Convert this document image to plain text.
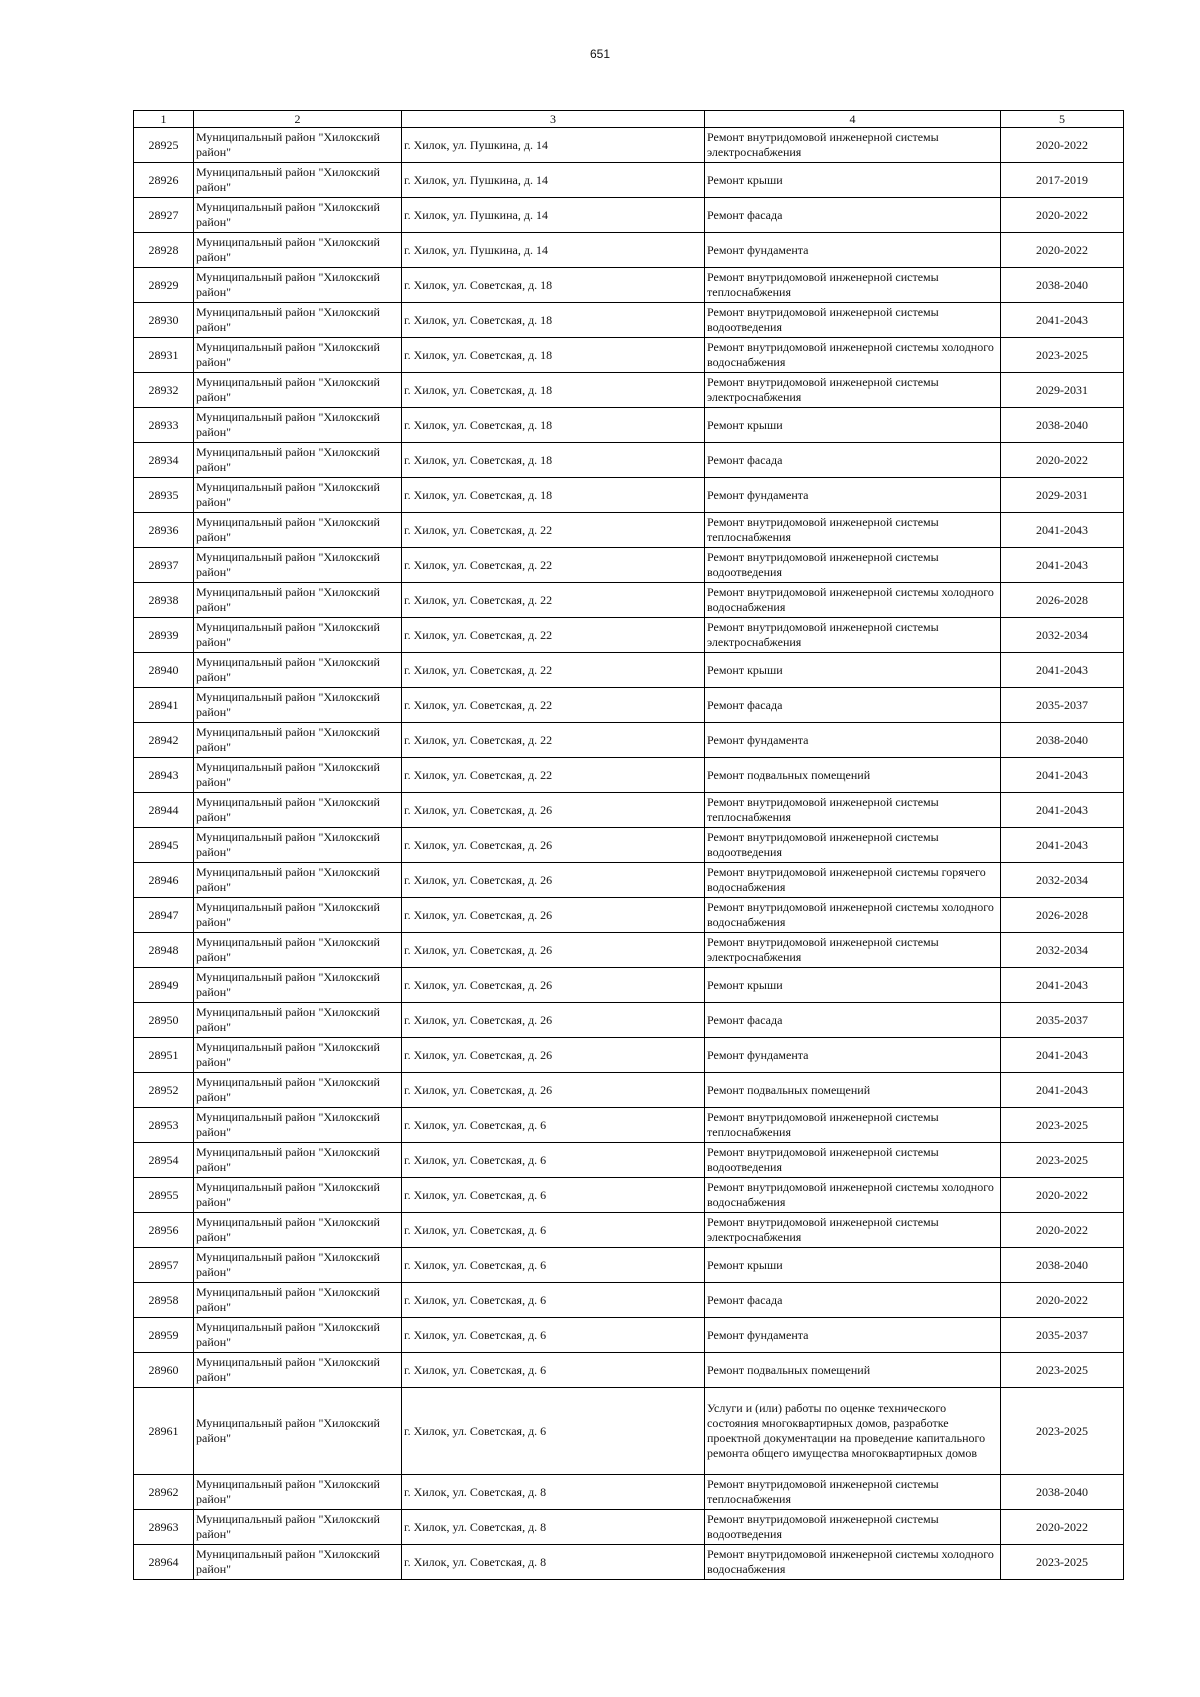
651
1	2	3	4	5
28925	Муниципальный район "Хилокский район"	г. Хилок, ул. Пушкина, д. 14	Ремонт внутридомовой инженерной системы электроснабжения	2020-2022
28926	Муниципальный район "Хилокский район"	г. Хилок, ул. Пушкина, д. 14	Ремонт крыши	2017-2019
28927	Муниципальный район "Хилокский район"	г. Хилок, ул. Пушкина, д. 14	Ремонт фасада	2020-2022
28928	Муниципальный район "Хилокский район"	г. Хилок, ул. Пушкина, д. 14	Ремонт фундамента	2020-2022
28929	Муниципальный район "Хилокский район"	г. Хилок, ул. Советская, д. 18	Ремонт внутридомовой инженерной системы теплоснабжения	2038-2040
28930	Муниципальный район "Хилокский район"	г. Хилок, ул. Советская, д. 18	Ремонт внутридомовой инженерной системы водоотведения	2041-2043
28931	Муниципальный район "Хилокский район"	г. Хилок, ул. Советская, д. 18	Ремонт внутридомовой инженерной системы холодного водоснабжения	2023-2025
28932	Муниципальный район "Хилокский район"	г. Хилок, ул. Советская, д. 18	Ремонт внутридомовой инженерной системы электроснабжения	2029-2031
28933	Муниципальный район "Хилокский район"	г. Хилок, ул. Советская, д. 18	Ремонт крыши	2038-2040
28934	Муниципальный район "Хилокский район"	г. Хилок, ул. Советская, д. 18	Ремонт фасада	2020-2022
28935	Муниципальный район "Хилокский район"	г. Хилок, ул. Советская, д. 18	Ремонт фундамента	2029-2031
28936	Муниципальный район "Хилокский район"	г. Хилок, ул. Советская, д. 22	Ремонт внутридомовой инженерной системы теплоснабжения	2041-2043
28937	Муниципальный район "Хилокский район"	г. Хилок, ул. Советская, д. 22	Ремонт внутридомовой инженерной системы водоотведения	2041-2043
28938	Муниципальный район "Хилокский район"	г. Хилок, ул. Советская, д. 22	Ремонт внутридомовой инженерной системы холодного водоснабжения	2026-2028
28939	Муниципальный район "Хилокский район"	г. Хилок, ул. Советская, д. 22	Ремонт внутридомовой инженерной системы электроснабжения	2032-2034
28940	Муниципальный район "Хилокский район"	г. Хилок, ул. Советская, д. 22	Ремонт крыши	2041-2043
28941	Муниципальный район "Хилокский район"	г. Хилок, ул. Советская, д. 22	Ремонт фасада	2035-2037
28942	Муниципальный район "Хилокский район"	г. Хилок, ул. Советская, д. 22	Ремонт фундамента	2038-2040
28943	Муниципальный район "Хилокский район"	г. Хилок, ул. Советская, д. 22	Ремонт подвальных помещений	2041-2043
28944	Муниципальный район "Хилокский район"	г. Хилок, ул. Советская, д. 26	Ремонт внутридомовой инженерной системы теплоснабжения	2041-2043
28945	Муниципальный район "Хилокский район"	г. Хилок, ул. Советская, д. 26	Ремонт внутридомовой инженерной системы водоотведения	2041-2043
28946	Муниципальный район "Хилокский район"	г. Хилок, ул. Советская, д. 26	Ремонт внутридомовой инженерной системы горячего водоснабжения	2032-2034
28947	Муниципальный район "Хилокский район"	г. Хилок, ул. Советская, д. 26	Ремонт внутридомовой инженерной системы холодного водоснабжения	2026-2028
28948	Муниципальный район "Хилокский район"	г. Хилок, ул. Советская, д. 26	Ремонт внутридомовой инженерной системы электроснабжения	2032-2034
28949	Муниципальный район "Хилокский район"	г. Хилок, ул. Советская, д. 26	Ремонт крыши	2041-2043
28950	Муниципальный район "Хилокский район"	г. Хилок, ул. Советская, д. 26	Ремонт фасада	2035-2037
28951	Муниципальный район "Хилокский район"	г. Хилок, ул. Советская, д. 26	Ремонт фундамента	2041-2043
28952	Муниципальный район "Хилокский район"	г. Хилок, ул. Советская, д. 26	Ремонт подвальных помещений	2041-2043
28953	Муниципальный район "Хилокский район"	г. Хилок, ул. Советская, д. 6	Ремонт внутридомовой инженерной системы теплоснабжения	2023-2025
28954	Муниципальный район "Хилокский район"	г. Хилок, ул. Советская, д. 6	Ремонт внутридомовой инженерной системы водоотведения	2023-2025
28955	Муниципальный район "Хилокский район"	г. Хилок, ул. Советская, д. 6	Ремонт внутридомовой инженерной системы холодного водоснабжения	2020-2022
28956	Муниципальный район "Хилокский район"	г. Хилок, ул. Советская, д. 6	Ремонт внутридомовой инженерной системы электроснабжения	2020-2022
28957	Муниципальный район "Хилокский район"	г. Хилок, ул. Советская, д. 6	Ремонт крыши	2038-2040
28958	Муниципальный район "Хилокский район"	г. Хилок, ул. Советская, д. 6	Ремонт фасада	2020-2022
28959	Муниципальный район "Хилокский район"	г. Хилок, ул. Советская, д. 6	Ремонт фундамента	2035-2037
28960	Муниципальный район "Хилокский район"	г. Хилок, ул. Советская, д. 6	Ремонт подвальных помещений	2023-2025
28961	Муниципальный район "Хилокский район"	г. Хилок, ул. Советская, д. 6	Услуги и (или) работы по оценке технического состояния многоквартирных домов, разработке проектной документации на проведение капитального ремонта общего имущества многоквартирных домов	2023-2025
28962	Муниципальный район "Хилокский район"	г. Хилок, ул. Советская, д. 8	Ремонт внутридомовой инженерной системы теплоснабжения	2038-2040
28963	Муниципальный район "Хилокский район"	г. Хилок, ул. Советская, д. 8	Ремонт внутридомовой инженерной системы водоотведения	2020-2022
28964	Муниципальный район "Хилокский район"	г. Хилок, ул. Советская, д. 8	Ремонт внутридомовой инженерной системы холодного водоснабжения	2023-2025
